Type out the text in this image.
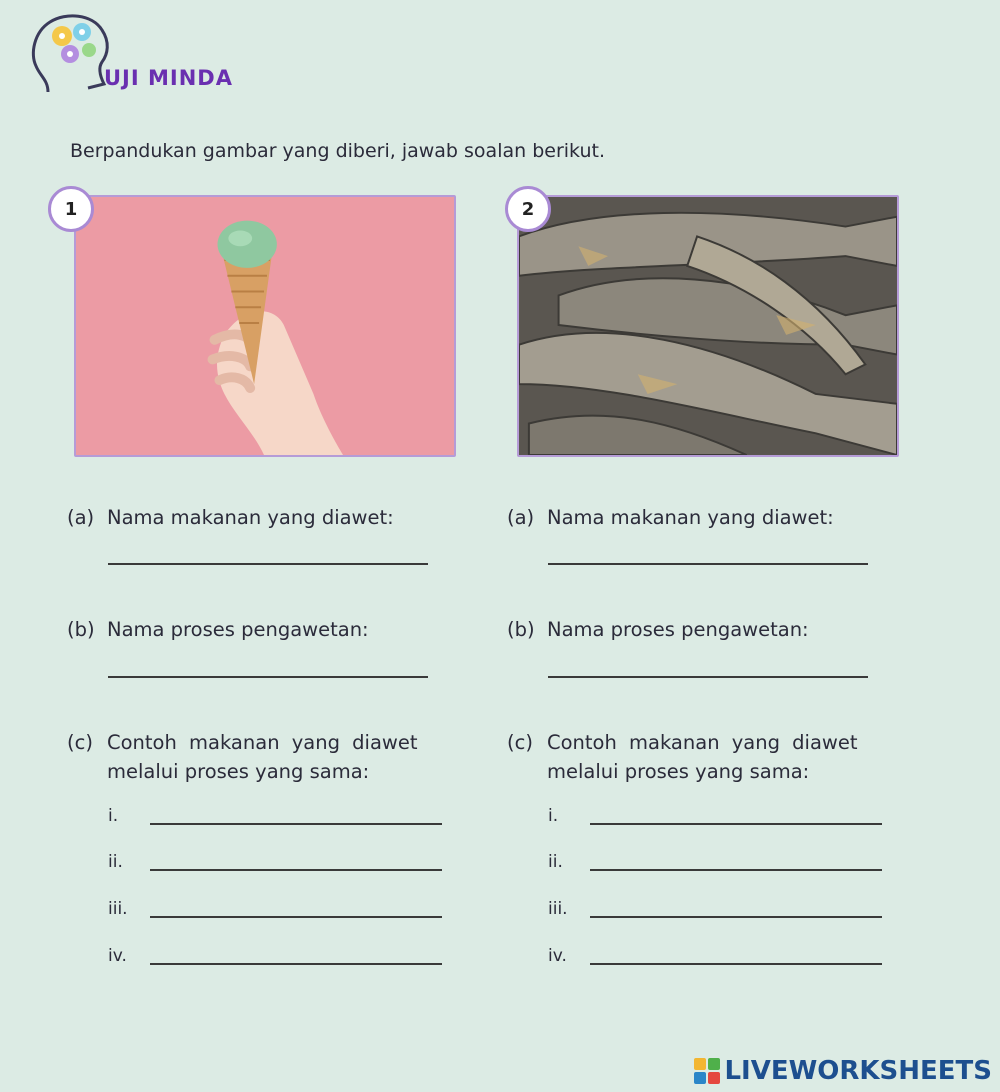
UJI MINDA
Berpandukan gambar yang diberi, jawab soalan berikut.
1	2
(a) Nama makanan yang diawet:
(b) Nama proses pengawetan:
(c) Contoh makanan yang diawet
melalui proses yang sama:
i.
ii.
iii.
iv.
(a) Nama makanan yang diawet:
(b) Nama proses pengawetan:
(c) Contoh makanan yang diawet
melalui proses yang sama:
i.
ii.
iii.
iv.
LIVEWORKSHEETS
